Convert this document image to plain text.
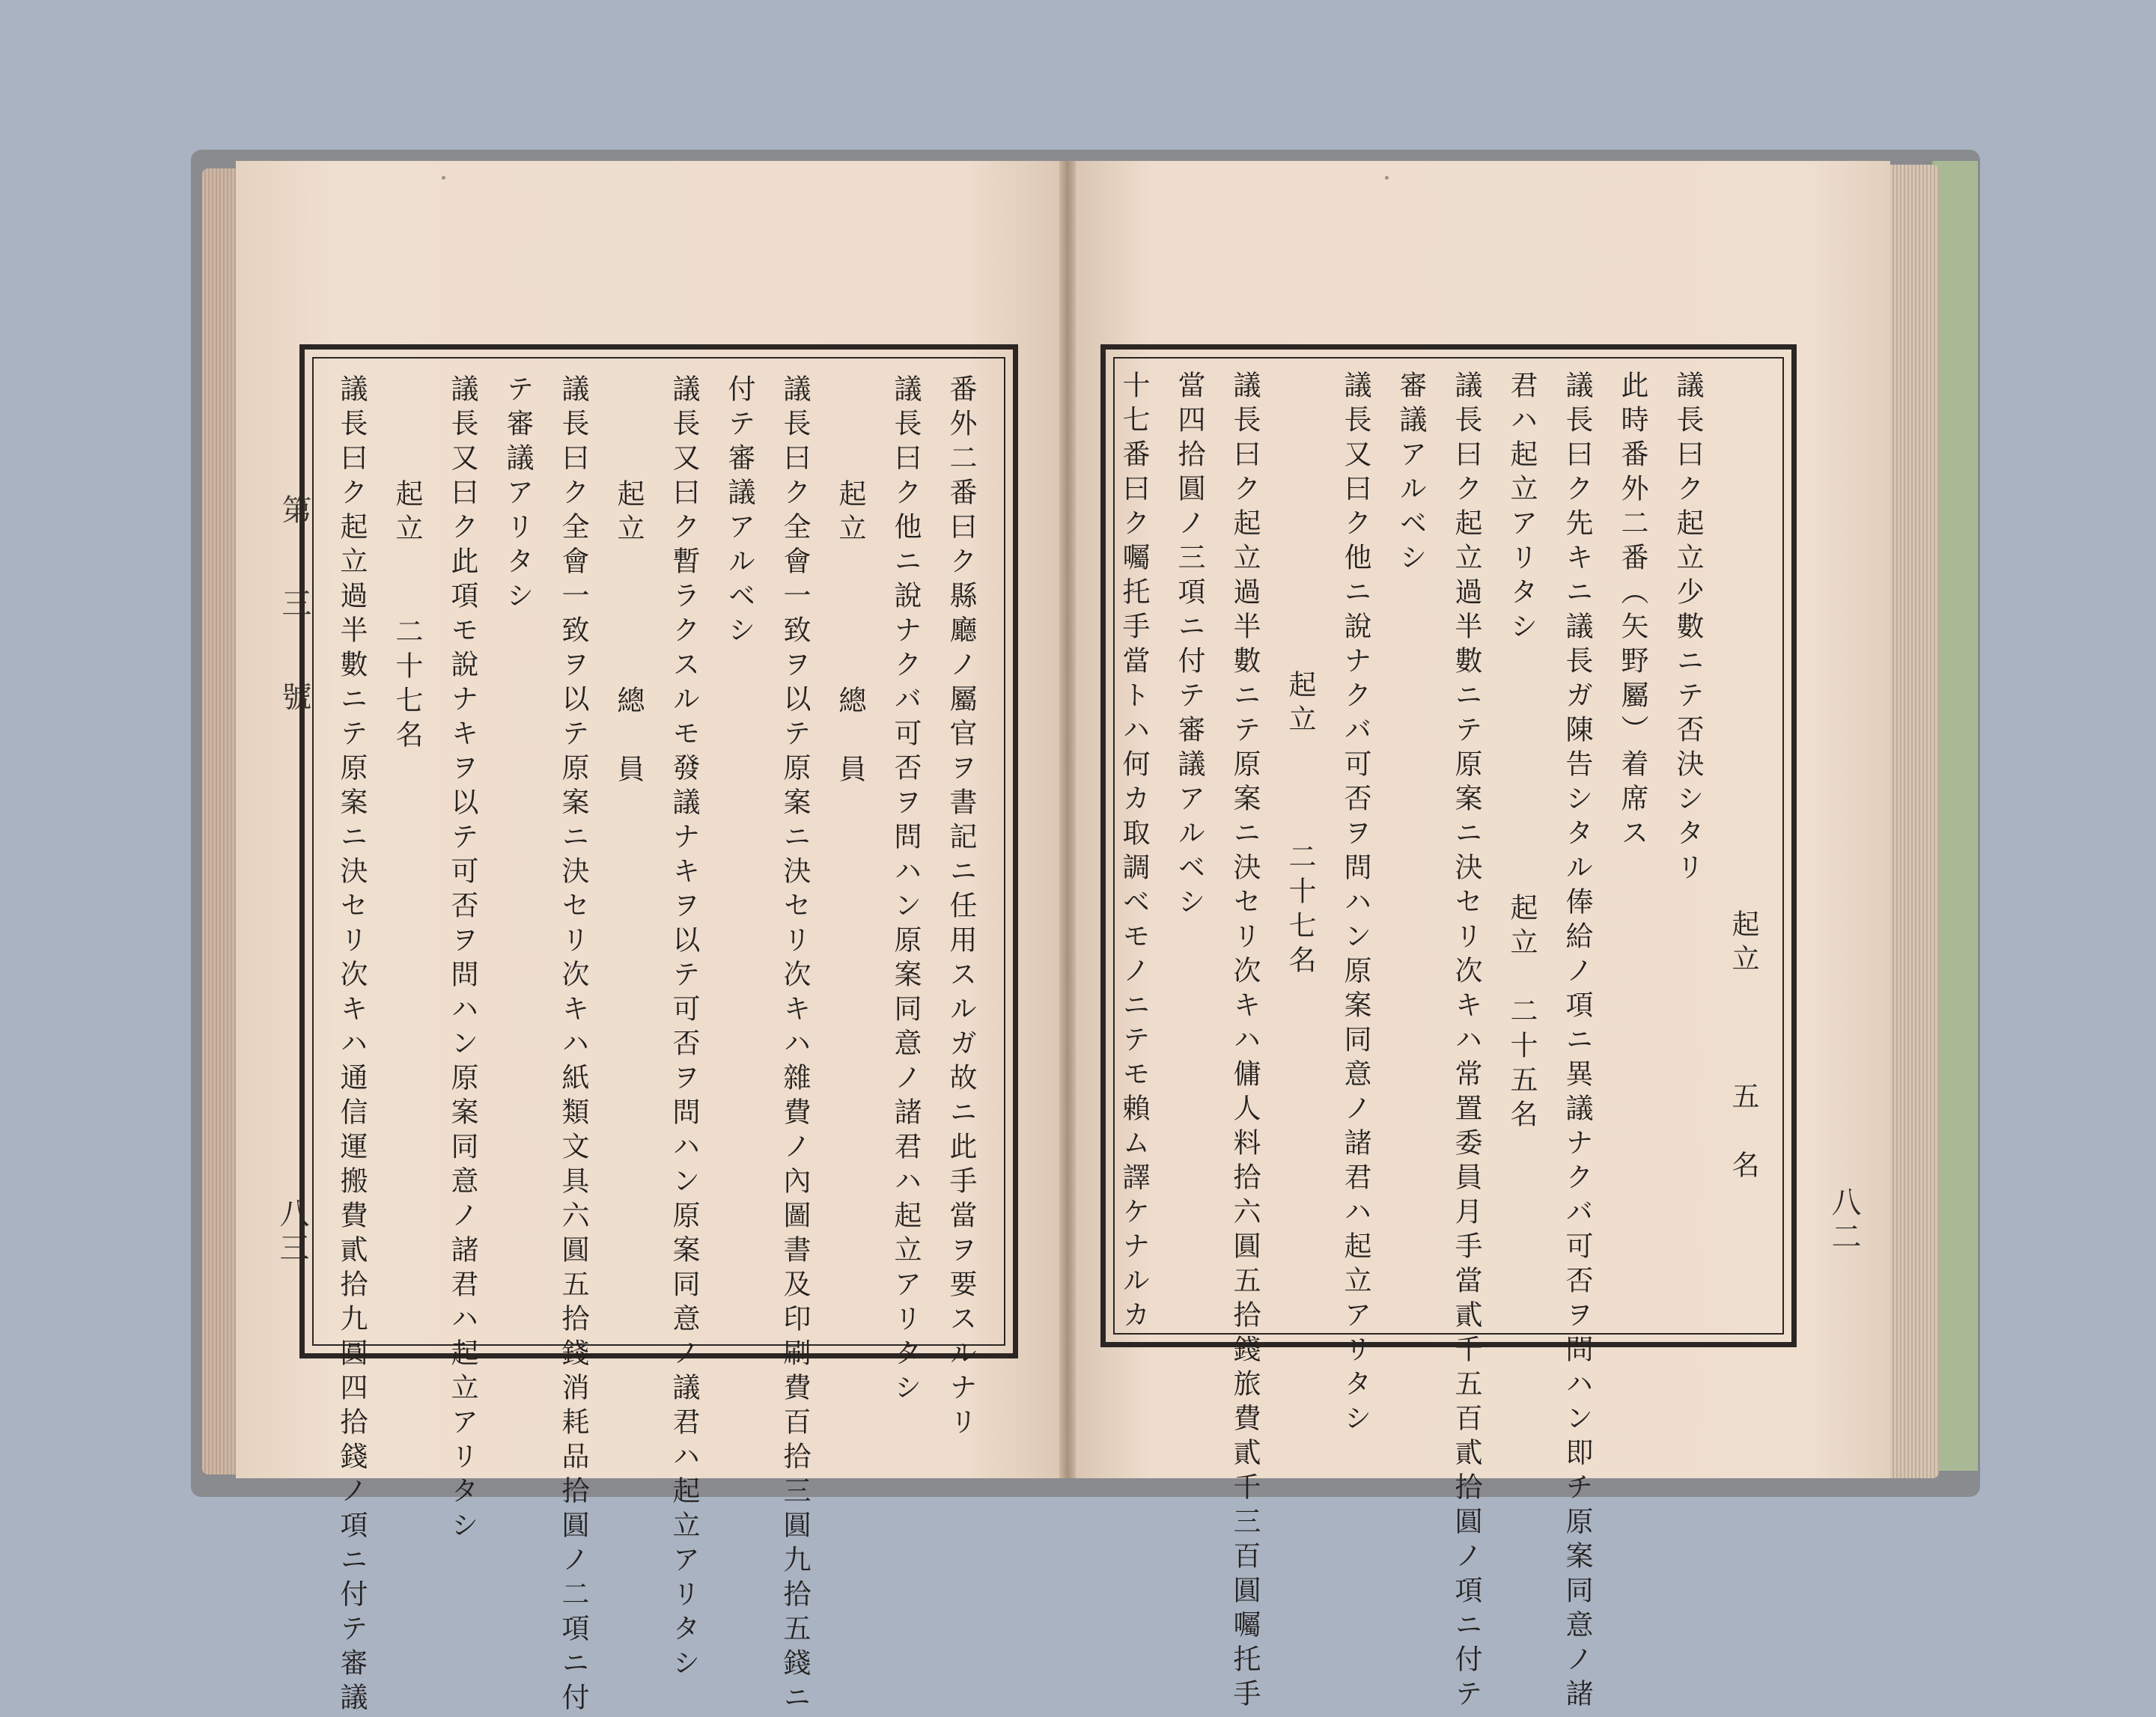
第 三 號
八三	八二
番外二番曰ク縣廳ノ屬官ヲ書記ニ任用スルガ故ニ此手當ヲ要スルナリ
議長曰ク他ニ說ナクバ可否ヲ問ハン原案同意ノ諸君ハ起立アリタシ
起立　　　　總　員
議長曰ク全會一致ヲ以テ原案ニ決セリ次キハ雜費ノ內圖書及印刷費百拾三圓九拾五錢ニ
付テ審議アルベシ
議長又曰ク暫ラクスルモ發議ナキヲ以テ可否ヲ問ハン原案同意ノ議君ハ起立アリタシ
起立　　　　總　員
議長曰ク全會一致ヲ以テ原案ニ決セリ次キハ紙類文具六圓五拾錢消耗品拾圓ノ二項ニ付
テ審議アリタシ
議長又曰ク此項モ說ナキヲ以テ可否ヲ問ハン原案同意ノ諸君ハ起立アリタシ
起立　　二十七名
議長曰ク起立過半數ニテ原案ニ決セリ次キハ通信運搬費貳拾九圓四拾錢ノ項ニ付テ審議	起立　　　五　名
議長曰ク起立少數ニテ否決シタリ
此時番外二番（矢野屬）着席ス
議長曰ク先キニ議長ガ陳告シタル俸給ノ項ニ異議ナクバ可否ヲ問ハン即チ原案同意ノ諸
君ハ起立アリタシ起立　二十五名
議長曰ク起立過半數ニテ原案ニ決セリ次キハ常置委員月手當貳千五百貳拾圓ノ項ニ付テ
審議アルベシ
議長又曰ク他ニ說ナクバ可否ヲ問ハン原案同意ノ諸君ハ起立アリタシ
起立　　　二十七名
議長曰ク起立過半數ニテ原案ニ決セリ次キハ傭人料拾六圓五拾錢旅費貳千三百圓囑托手
當四拾圓ノ三項ニ付テ審議アルベシ
十七番曰ク囑托手當トハ何カ取調ベモノニテモ賴ム譯ケナルカ
